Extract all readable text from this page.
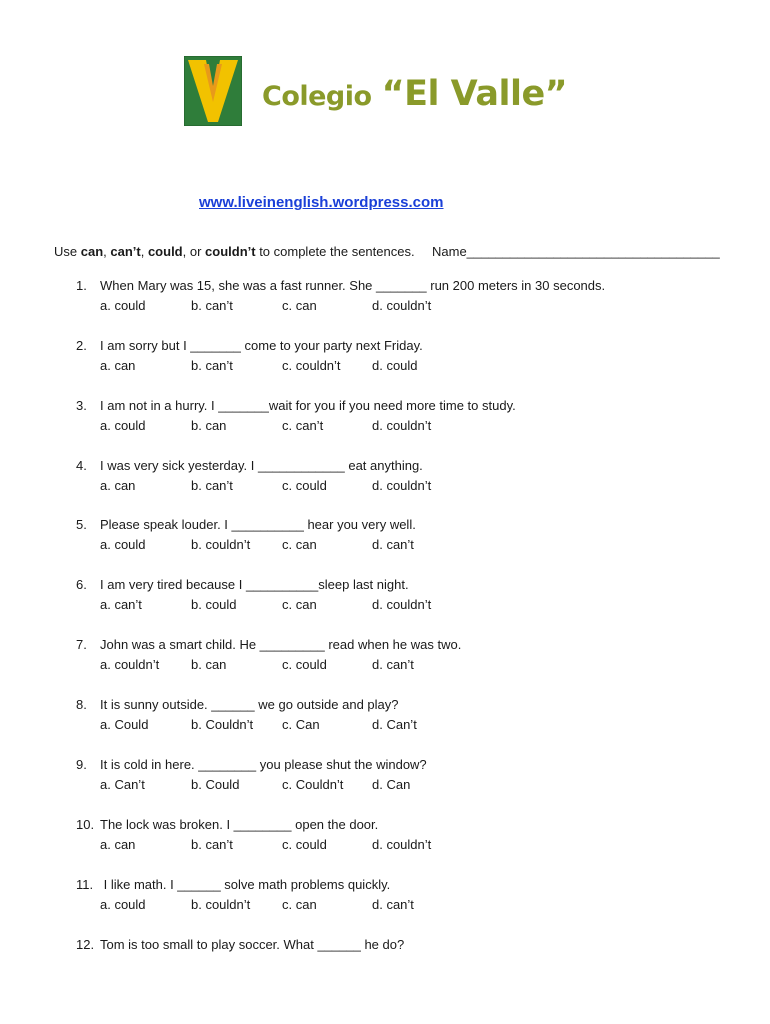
Colegio “El Valle”
www.liveinenglish.wordpress.com
Use can, can’t, could, or couldn’t to complete the sentences. Name___________________________________
1. When Mary was 15, she was a fast runner. She _______ run 200 meters in 30 seconds.
a. could	b. can’t	c. can	d. couldn’t
2. I am sorry but I _______ come to your party next Friday.
a. can	b. can’t	c. couldn’t d. could
3. I am not in a hurry. I _______wait for you if you need more time to study.
a. could	b. can	c. can’t	d. couldn’t
4. I was very sick yesterday. I ____________ eat anything.
a. can	b. can’t	c. could	d. couldn’t
5. Please speak louder. I __________ hear you very well.
a. could	b. couldn’t c. can	d. can’t
6. I am very tired because I __________sleep last night.
a. can’t	b. could	c. can	d. couldn’t
7. John was a smart child. He _________ read when he was two.
a. couldn’t b. can	c. could	d. can’t
8. It is sunny outside. ______ we go outside and play?
a. Could	b. Couldn’t c. Can	d. Can’t
9. It is cold in here. ________ you please shut the window?
a. Can’t	b. Could	c. Couldn’t d. Can
10. The lock was broken. I ________ open the door.
a. can	b. can’t	c. could	d. couldn’t
11. I like math. I ______ solve math problems quickly.
a. could	b. couldn’t c. can	d. can’t
12. Tom is too small to play soccer. What ______ he do?
